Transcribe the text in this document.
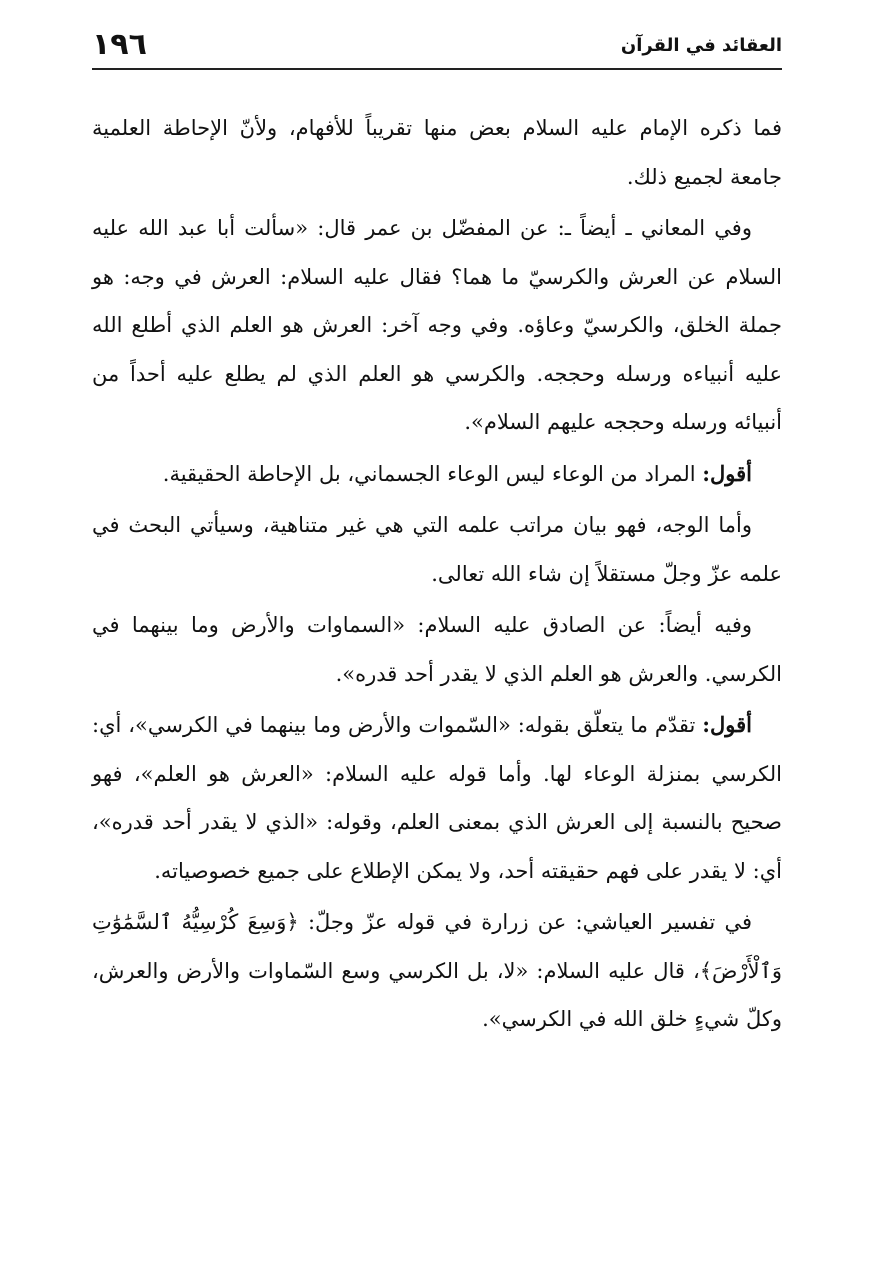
١٩٦	العقائد في القرآن

فما ذكره الإمام عليه السلام بعض منها تقريباً للأفهام، ولأنّ الإحاطة العلمية جامعة لجميع ذلك.

وفي المعاني ـ أيضاً ـ: عن المفضّل بن عمر قال: «سألت أبا عبد الله عليه السلام عن العرش والكرسيّ ما هما؟ فقال عليه السلام: العرش في وجه: هو جملة الخلق، والكرسيّ وعاؤه. وفي وجه آخر: العرش هو العلم الذي أطلع الله عليه أنبياءه ورسله وحججه. والكرسي هو العلم الذي لم يطلع عليه أحداً من أنبيائه ورسله وحججه عليهم السلام».

أقول: المراد من الوعاء ليس الوعاء الجسماني، بل الإحاطة الحقيقية.

وأما الوجه، فهو بيان مراتب علمه التي هي غير متناهية، وسيأتي البحث في علمه عزّ وجلّ مستقلاً إن شاء الله تعالى.

وفيه أيضاً: عن الصادق عليه السلام: «السماوات والأرض وما بينهما في الكرسي. والعرش هو العلم الذي لا يقدر أحد قدره».

أقول: تقدّم ما يتعلّق بقوله: «السّموات والأرض وما بينهما في الكرسي»، أي: الكرسي بمنزلة الوعاء لها. وأما قوله عليه السلام: «العرش هو العلم»، فهو صحيح بالنسبة إلى العرش الذي بمعنى العلم، وقوله: «الذي لا يقدر أحد قدره»، أي: لا يقدر على فهم حقيقته أحد، ولا يمكن الإطلاع على جميع خصوصياته.

في تفسير العياشي: عن زرارة في قوله عزّ وجلّ: ﴿وَسِعَ كُرْسِيُّهُ ٱلسَّمَٰوَٰتِ وَٱلْأَرْضَ﴾، قال عليه السلام: «لا، بل الكرسي وسع السّماوات والأرض والعرش، وكلّ شيءٍ خلق الله في الكرسي».
